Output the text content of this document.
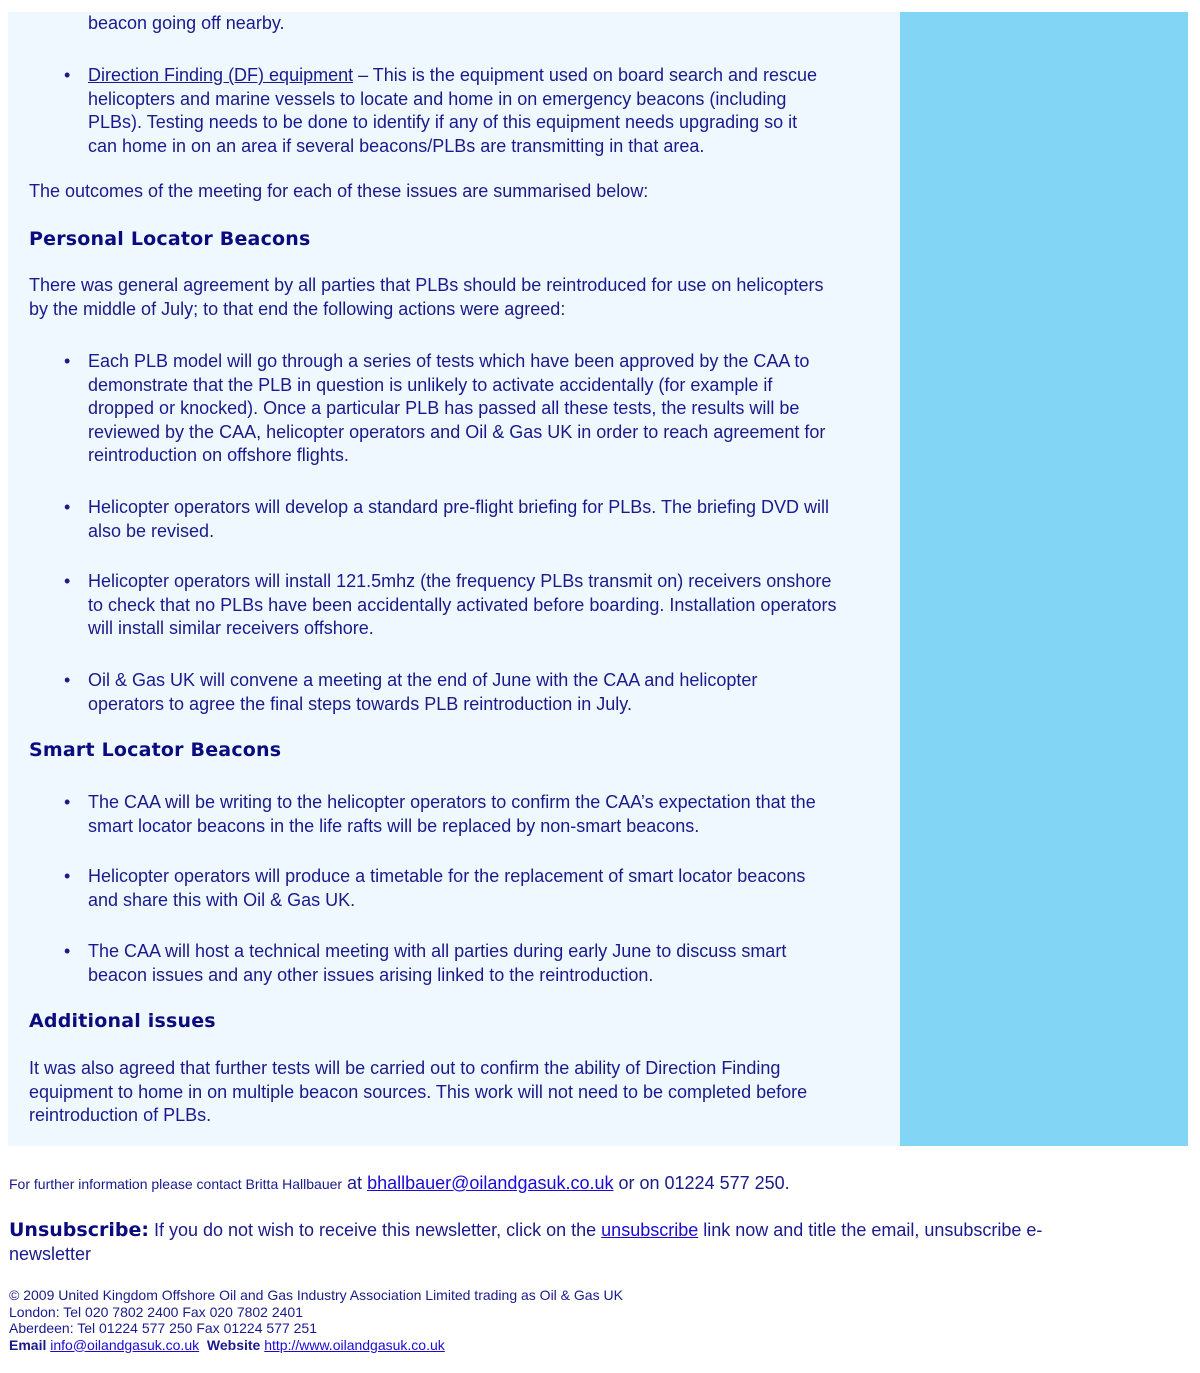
beacon going off nearby.
• Direction Finding (DF) equipment – This is the equipment used on board search and rescue
helicopters and marine vessels to locate and home in on emergency beacons (including
PLBs). Testing needs to be done to identify if any of this equipment needs upgrading so it
can home in on an area if several beacons/PLBs are transmitting in that area.
The outcomes of the meeting for each of these issues are summarised below:
Personal Locator Beacons
There was general agreement by all parties that PLBs should be reintroduced for use on helicopters
by the middle of July; to that end the following actions were agreed:
• Each PLB model will go through a series of tests which have been approved by the CAA to
demonstrate that the PLB in question is unlikely to activate accidentally (for example if
dropped or knocked). Once a particular PLB has passed all these tests, the results will be
reviewed by the CAA, helicopter operators and Oil & Gas UK in order to reach agreement for
reintroduction on offshore flights.
• Helicopter operators will develop a standard pre-flight briefing for PLBs. The briefing DVD will
also be revised.
• Helicopter operators will install 121.5mhz (the frequency PLBs transmit on) receivers onshore
to check that no PLBs have been accidentally activated before boarding. Installation operators
will install similar receivers offshore.
• Oil & Gas UK will convene a meeting at the end of June with the CAA and helicopter
operators to agree the final steps towards PLB reintroduction in July.
Smart Locator Beacons
• The CAA will be writing to the helicopter operators to confirm the CAA’s expectation that the
smart locator beacons in the life rafts will be replaced by non-smart beacons.
• Helicopter operators will produce a timetable for the replacement of smart locator beacons
and share this with Oil & Gas UK.
• The CAA will host a technical meeting with all parties during early June to discuss smart
beacon issues and any other issues arising linked to the reintroduction.
Additional issues
It was also agreed that further tests will be carried out to confirm the ability of Direction Finding
equipment to home in on multiple beacon sources. This work will not need to be completed before
reintroduction of PLBs.
For further information please contact Britta Hallbauer at bhallbauer@oilandgasuk.co.uk or on 01224 577 250.
Unsubscribe: If you do not wish to receive this newsletter, click on the unsubscribe link now and title the email, unsubscribe e-
newsletter
© 2009 United Kingdom Offshore Oil and Gas Industry Association Limited trading as Oil & Gas UK
London: Tel 020 7802 2400 Fax 020 7802 2401
Aberdeen: Tel 01224 577 250 Fax 01224 577 251
Email info@oilandgasuk.co.uk Website http://www.oilandgasuk.co.uk
